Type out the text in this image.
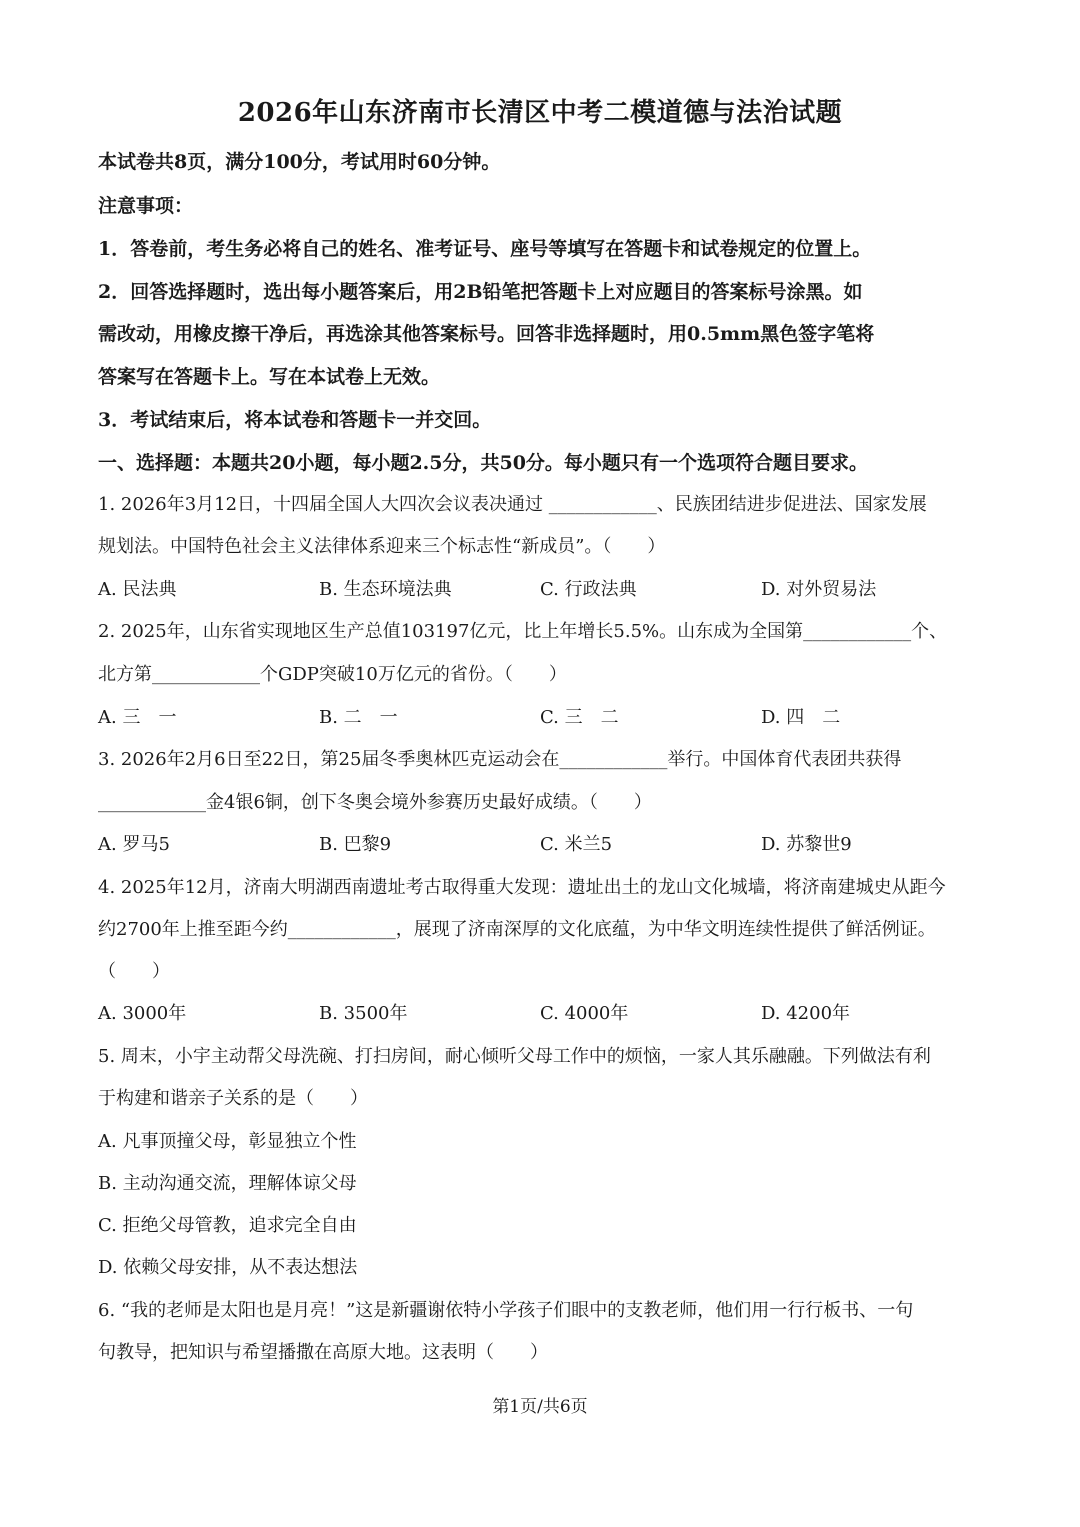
2026年山东济南市长清区中考二模道德与法治试题
本试卷共8页，满分100分，考试用时60分钟。
注意事项：
1．答卷前，考生务必将自己的姓名、准考证号、座号等填写在答题卡和试卷规定的位置上。
2．回答选择题时，选出每小题答案后，用2B铅笔把答题卡上对应题目的答案标号涂黑。如
需改动，用橡皮擦干净后，再选涂其他答案标号。回答非选择题时，用0.5mm黑色签字笔将
答案写在答题卡上。写在本试卷上无效。
3．考试结束后，将本试卷和答题卡一并交回。
一、选择题：本题共20小题，每小题2.5分，共50分。每小题只有一个选项符合题目要求。
1. 2026年3月12日，十四届全国人大四次会议表决通过 ____________、民族团结进步促进法、国家发展
规划法。中国特色社会主义法律体系迎来三个标志性“新成员”。（　　）
A. 民法典	B. 生态环境法典	C. 行政法典	D. 对外贸易法
2. 2025年，山东省实现地区生产总值103197亿元，比上年增长5.5%。山东成为全国第____________个、
北方第____________个GDP突破10万亿元的省份。（　　）
A. 三　一	B. 二　一	C. 三　二	D. 四　二
3. 2026年2月6日至22日，第25届冬季奥林匹克运动会在____________举行。中国体育代表团共获得
____________金4银6铜，创下冬奥会境外参赛历史最好成绩。（　　）
A. 罗马5	B. 巴黎9	C. 米兰5	D. 苏黎世9
4. 2025年12月，济南大明湖西南遗址考古取得重大发现：遗址出土的龙山文化城墙，将济南建城史从距今
约2700年上推至距今约____________，展现了济南深厚的文化底蕴，为中华文明连续性提供了鲜活例证。
（　　）
A. 3000年	B. 3500年	C. 4000年	D. 4200年
5. 周末，小宇主动帮父母洗碗、打扫房间，耐心倾听父母工作中的烦恼，一家人其乐融融。下列做法有利
于构建和谐亲子关系的是（　　）
A. 凡事顶撞父母，彰显独立个性
B. 主动沟通交流，理解体谅父母
C. 拒绝父母管教，追求完全自由
D. 依赖父母安排，从不表达想法
6. “我的老师是太阳也是月亮！”这是新疆谢依特小学孩子们眼中的支教老师，他们用一行行板书、一句
句教导，把知识与希望播撒在高原大地。这表明（　　）
第1页/共6页
